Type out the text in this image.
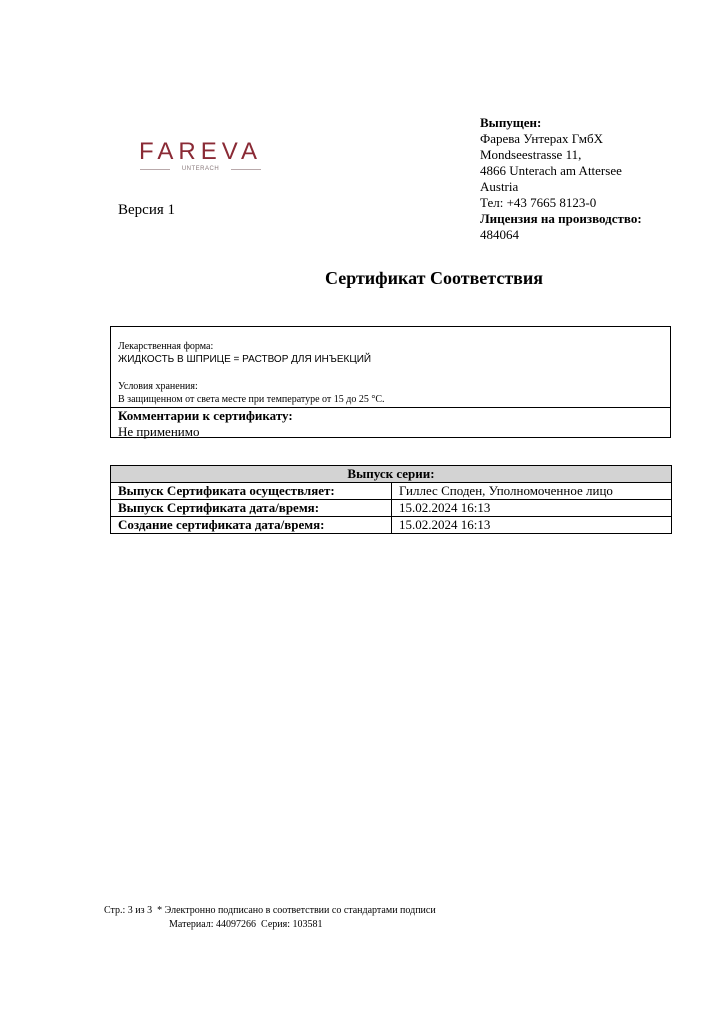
FAREVA
UNTERACH
Версия 1
Выпущен:
Фарева Унтерах ГмбХ
Mondseestrasse 11,
4866 Unterach am Attersee
Austria
Тел: +43 7665 8123-0
Лицензия на производство:
484064
Сертификат Соответствия
Лекарственная форма:
ЖИДКОСТЬ В ШПРИЦЕ = РАСТВОР ДЛЯ ИНЪЕКЦИЙ
Условия хранения:
В защищенном от света месте при температуре от 15 до 25 °C.
Комментарии к сертификату:
Не применимо
Выпуск серии:	
Выпуск Сертификата осуществляет:	Гиллес Споден, Уполномоченное лицо
Выпуск Сертификата дата/время:	15.02.2024 16:13
Создание сертификата дата/время:	15.02.2024 16:13
Стр.: 3 из 3 * Электронно подписано в соответствии со стандартами подписи
Материал: 44097266 Серия: 103581
